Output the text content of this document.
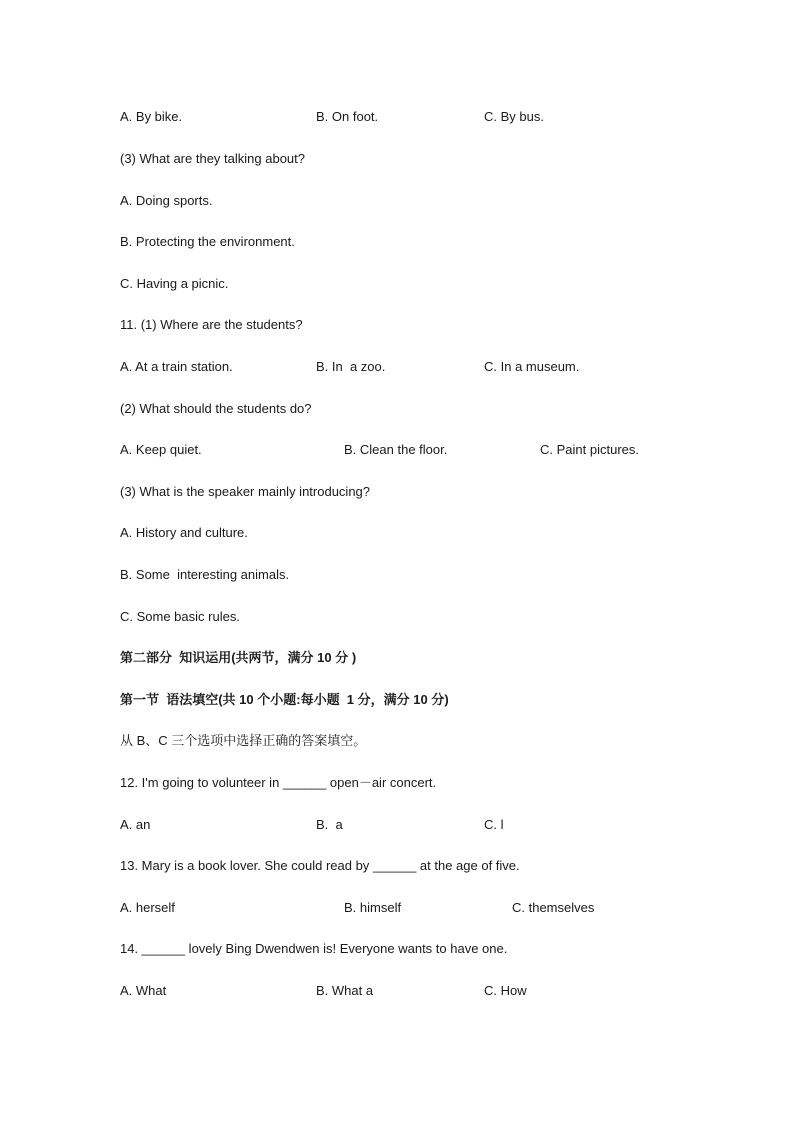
A. By bike.	B. On foot.	C. By bus.
(3) What are they talking about?
A. Doing sports.
B. Protecting the environment.
C. Having a picnic.
11. (1) Where are the students?
A. At a train station.	B. In  a zoo.	C. In a museum.
(2) What should the students do?
A. Keep quiet.	B. Clean the floor.	C. Paint pictures.
(3) What is the speaker mainly introducing?
A. History and culture.
B. Some  interesting animals.
C. Some basic rules.
第二部分  知识运用(共两节，满分 10 分 )
第一节  语法填空(共 10 个小题:每小题  1 分，满分 10 分)
从 B、C 三个选项中选择正确的答案填空。
12. I'm going to volunteer in ______ open－air concert.
A. an	B.  a	C. l
13. Mary is a book lover. She could read by ______ at the age of five.
A. herself	B. himself	C. themselves
14. ______ lovely Bing Dwendwen is! Everyone wants to have one.
A. What	B. What a	C. How
